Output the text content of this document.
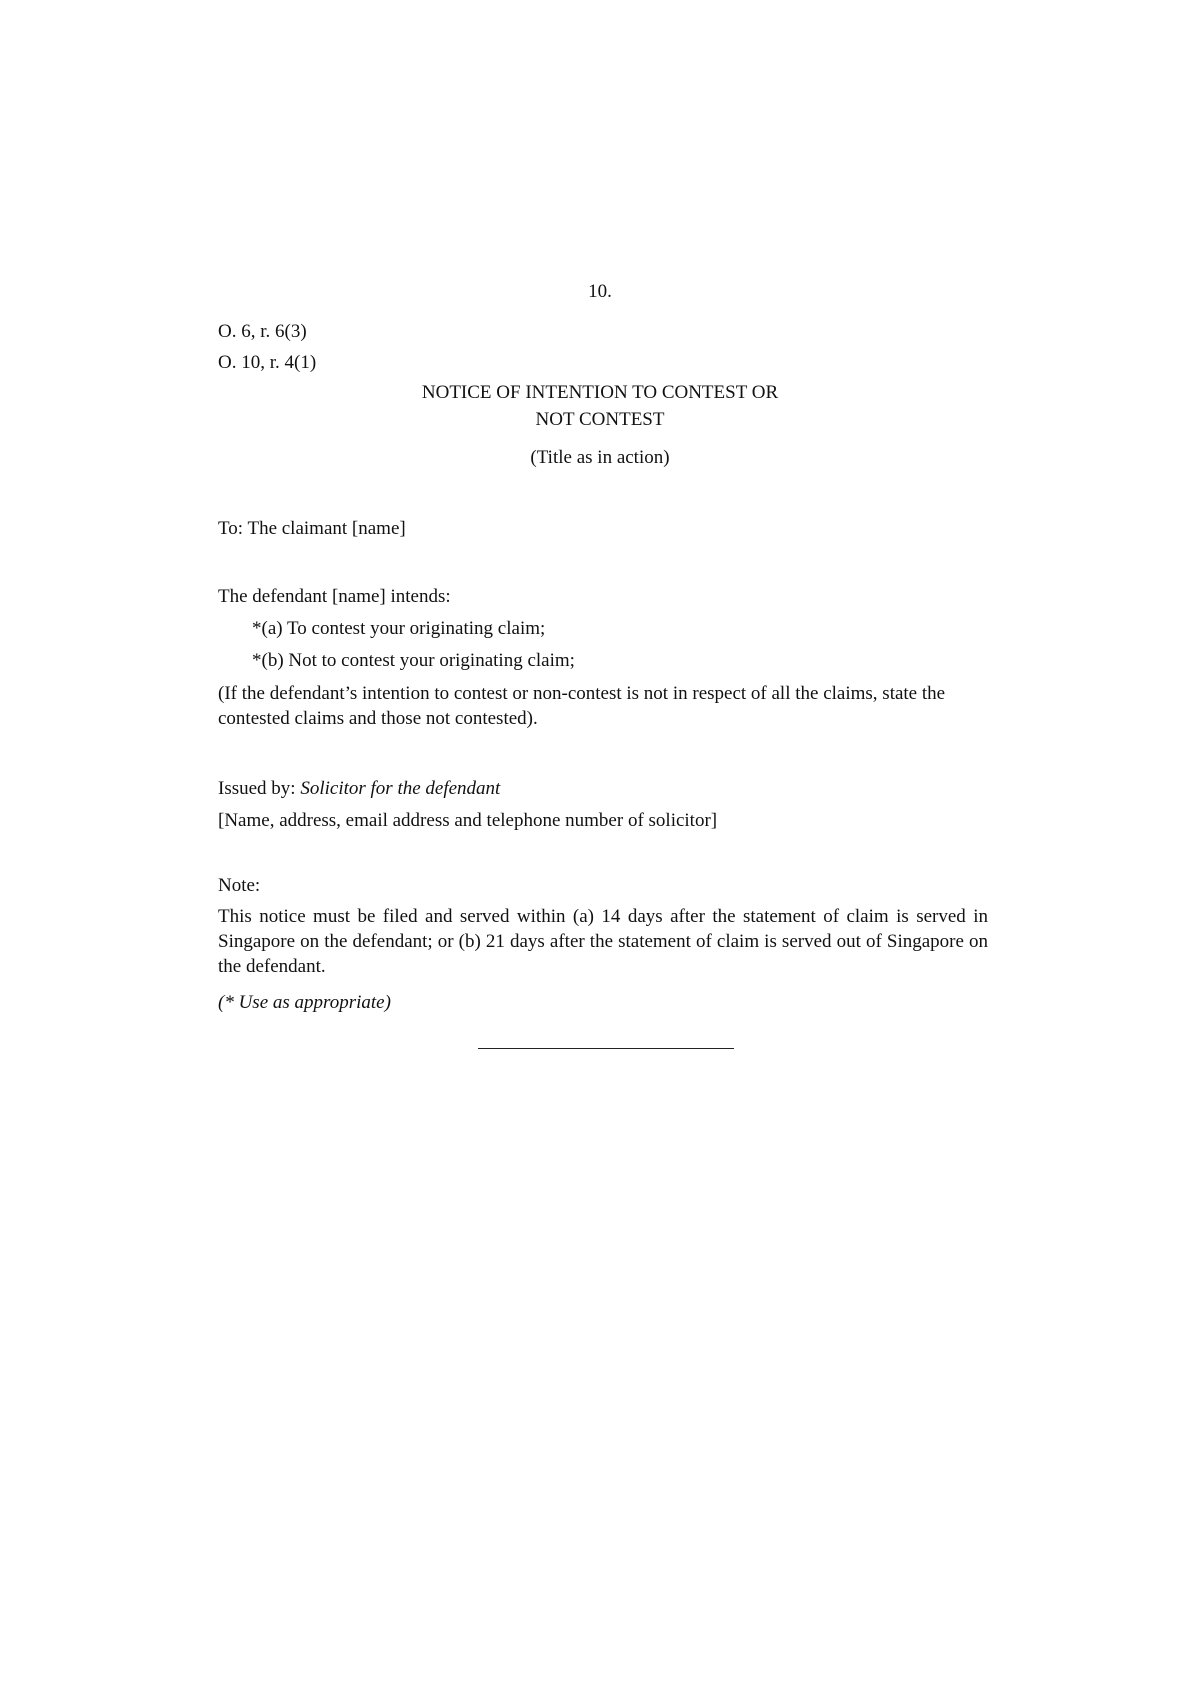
10.

O. 6, r. 6(3)

O. 10, r. 4(1)

NOTICE OF INTENTION TO CONTEST OR

NOT CONTEST

(Title as in action)

To: The claimant [name]

The defendant [name] intends:

*(a) To contest your originating claim;

*(b) Not to contest your originating claim;

(If the defendant’s intention to contest or non-contest is not in respect of all the claims, state the contested claims and those not contested).

Issued by: Solicitor for the defendant

[Name, address, email address and telephone number of solicitor]

Note:

This notice must be filed and served within (a) 14 days after the statement of claim is served in Singapore on the defendant; or (b) 21 days after the statement of claim is served out of Singapore on the defendant.

(* Use as appropriate)
